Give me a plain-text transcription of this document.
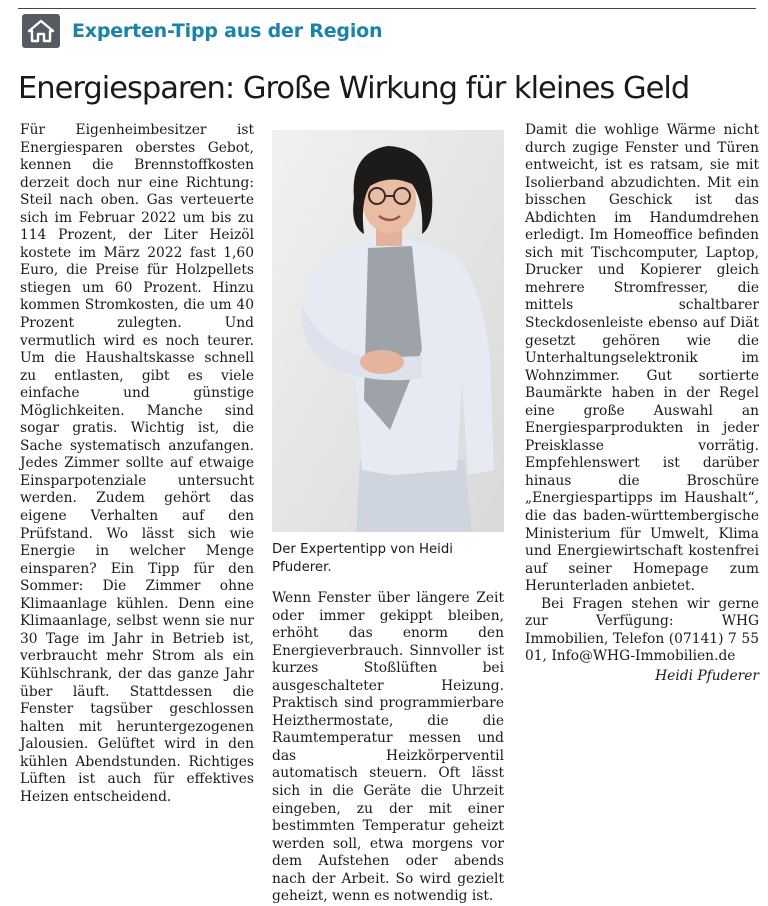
Experten-Tipp aus der Region
Energiesparen: Große Wirkung für kleines Geld

Für Eigenheimbesitzer ist Energiesparen oberstes Gebot, kennen die Brennstoffkosten derzeit doch nur eine Richtung: Steil nach oben. Gas verteuerte sich im Februar 2022 um bis zu 114 Prozent, der Liter Heizöl kostete im März 2022 fast 1,60 Euro, die Preise für Holzpellets stiegen um 60 Prozent. Hinzu kommen Stromkosten, die um 40 Prozent zulegten. Und vermutlich wird es noch teurer. Um die Haushaltskasse schnell zu entlasten, gibt es viele einfache und günstige Möglichkeiten. Manche sind sogar gratis. Wichtig ist, die Sache systematisch anzufangen. Jedes Zimmer sollte auf etwaige Einsparpotenziale untersucht werden. Zudem gehört das eigene Verhalten auf den Prüfstand. Wo lässt sich wie Energie in welcher Menge einsparen? Ein Tipp für den Sommer: Die Zimmer ohne Klimaanlage kühlen. Denn eine Klimaanlage, selbst wenn sie nur 30 Tage im Jahr in Betrieb ist, verbraucht mehr Strom als ein Kühlschrank, der das ganze Jahr über läuft. Stattdessen die Fenster tagsüber geschlossen halten mit heruntergezogenen Jalousien. Gelüftet wird in den kühlen Abendstunden. Richtiges Lüften ist auch für effektives Heizen entscheidend.

Der Expertentipp von Heidi Pfuderer.

Wenn Fenster über längere Zeit oder immer gekippt bleiben, erhöht das enorm den Energieverbrauch. Sinnvoller ist kurzes Stoßlüften bei ausgeschalteter Heizung. Praktisch sind programmierbare Heizthermostate, die die Raumtemperatur messen und das Heizkörperventil automatisch steuern. Oft lässt sich in die Geräte die Uhrzeit eingeben, zu der mit einer bestimmten Temperatur geheizt werden soll, etwa morgens vor dem Aufstehen oder abends nach der Arbeit. So wird gezielt geheizt, wenn es notwendig ist.

Damit die wohlige Wärme nicht durch zugige Fenster und Türen entweicht, ist es ratsam, sie mit Isolierband abzudichten. Mit ein bisschen Geschick ist das Abdichten im Handumdrehen erledigt. Im Homeoffice befinden sich mit Tischcomputer, Laptop, Drucker und Kopierer gleich mehrere Stromfresser, die mittels schaltbarer Steckdosenleiste ebenso auf Diät gesetzt gehören wie die Unterhaltungselektronik im Wohnzimmer. Gut sortierte Baumärkte haben in der Regel eine große Auswahl an Energiesparprodukten in jeder Preisklasse vorrätig. Empfehlenswert ist darüber hinaus die Broschüre „Energiespartipps im Haushalt“, die das baden-württembergische Ministerium für Umwelt, Klima und Energiewirtschaft kostenfrei auf seiner Homepage zum Herunterladen anbietet.

Bei Fragen stehen wir gerne zur Verfügung: WHG Immobilien, Telefon (07141) 7 55 01, Info@WHG-Immobilien.de

Heidi Pfuderer
